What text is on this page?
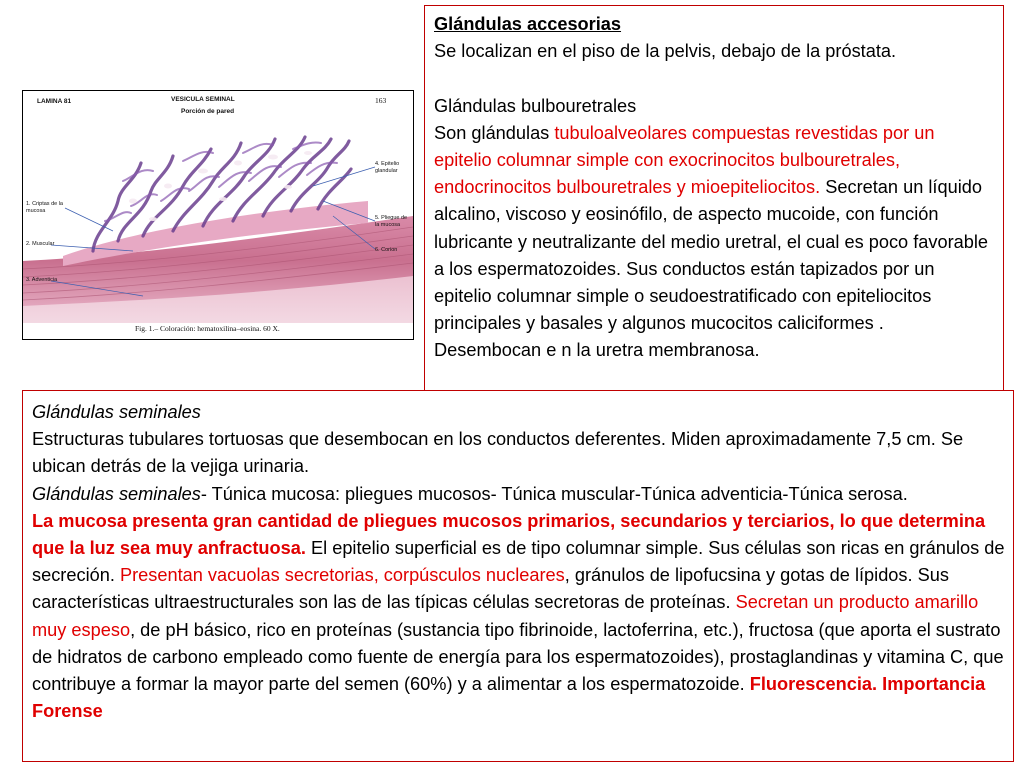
LAMINA 81	VESICULA SEMINAL
Porción de pared
163
1. Criptas de la mucosa
2. Muscular
3. Adventicia
4. Epitelio glandular
5. Pliegue de la mucosa
6. Corion
Fig. 1.– Coloración: hematoxilina–eosina. 60 X.
Glándulas accesorias
Se localizan en el piso de la pelvis, debajo de la próstata.
Glándulas bulbouretrales
Son glándulas tubuloalveolares compuestas revestidas por un epitelio columnar simple con exocrinocitos bulbouretrales, endocrinocitos bulbouretrales y mioepiteliocitos. Secretan un líquido alcalino, viscoso y eosinófilo, de aspecto mucoide, con función lubricante y neutralizante del medio uretral, el cual es poco favorable a los espermatozoides. Sus conductos están tapizados por un epitelio columnar simple o seudoestratificado con epiteliocitos principales y basales y algunos mucocitos caliciformes . Desembocan e n la uretra membranosa.
Glándulas seminales
Estructuras tubulares tortuosas que desembocan en los conductos deferentes. Miden aproximadamente 7,5 cm. Se ubican detrás de la vejiga urinaria.
Glándulas seminales- Túnica mucosa: pliegues mucosos- Túnica muscular-Túnica adventicia-Túnica serosa.
La mucosa presenta gran cantidad de pliegues mucosos primarios, secundarios y terciarios, lo que determina que la luz sea muy anfractuosa. El epitelio superficial es de tipo columnar simple. Sus células son ricas en gránulos de secreción. Presentan vacuolas secretorias, corpúsculos nucleares, gránulos de lipofucsina y gotas de lípidos. Sus características ultraestructurales son las de las típicas células secretoras de proteínas. Secretan un producto amarillo muy espeso, de pH básico, rico en proteínas (sustancia tipo fibrinoide, lactoferrina, etc.), fructosa (que aporta el sustrato de hidratos de carbono empleado como fuente de energía para los espermatozoides), prostaglandinas y vitamina C, que contribuye a formar la mayor parte del semen (60%) y a alimentar a los espermatozoide. Fluorescencia. Importancia Forense
